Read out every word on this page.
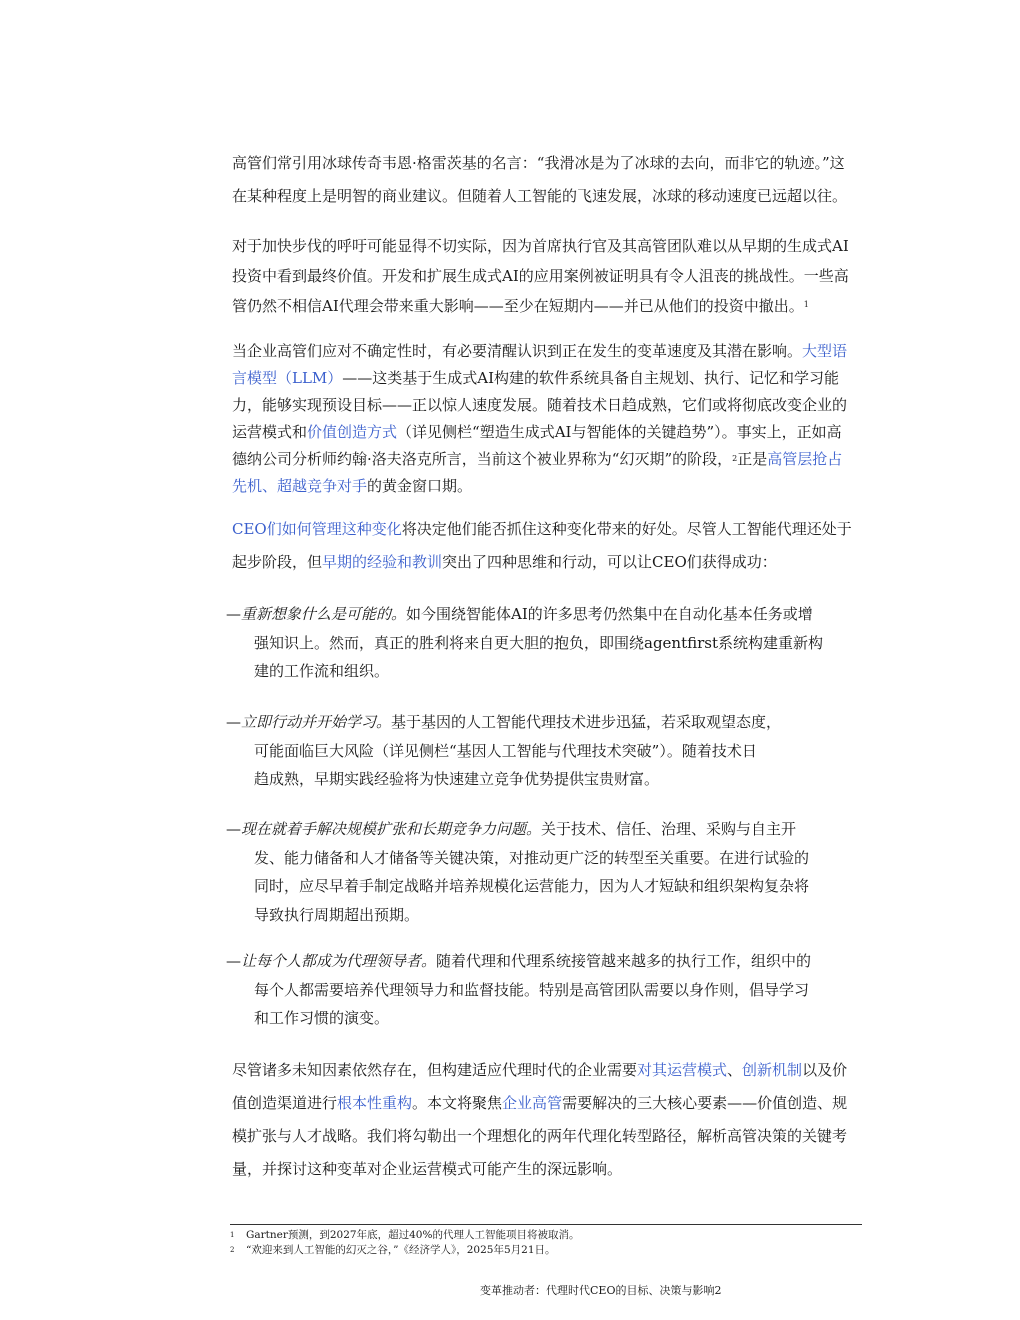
高管们常引用冰球传奇韦恩·格雷茨基的名言：“我滑冰是为了冰球的去向，而非它的轨迹。”这在某种程度上是明智的商业建议。但随着人工智能的飞速发展，冰球的移动速度已远超以往。

对于加快步伐的呼吁可能显得不切实际，因为首席执行官及其高管团队难以从早期的生成式AI投资中看到最终价值。开发和扩展生成式AI的应用案例被证明具有令人沮丧的挑战性。一些高管仍然不相信AI代理会带来重大影响——至少在短期内——并已从他们的投资中撤出。$^1$

当企业高管们应对不确定性时，有必要清醒认识到正在发生的变革速度及其潜在影响。大型语言模型（LLM）——这类基于生成式AI构建的软件系统具备自主规划、执行、记忆和学习能力，能够实现预设目标——正以惊人速度发展。随着技术日趋成熟，它们或将彻底改变企业的运营模式和价值创造方式（详见侧栏“塑造生成式AI与智能体的关键趋势”）。事实上，正如高德纳公司分析师约翰·洛夫洛克所言，当前这个被业界称为“幻灭期”的阶段，$^2$正是高管层抢占先机、超越竞争对手的黄金窗口期。

CEO们如何管理这种变化将决定他们能否抓住这种变化带来的好处。尽管人工智能代理还处于起步阶段，但早期的经验和教训突出了四种思维和行动，可以让CEO们获得成功：

—重新想象什么是可能的。如今围绕智能体AI的许多思考仍然集中在自动化基本任务或增
强知识上。然而，真正的胜利将来自更大胆的抱负，即围绕agentfirst系统构建重新构
建的工作流和组织。
—立即行动并开始学习。基于基因的人工智能代理技术进步迅猛，若采取观望态度，
可能面临巨大风险（详见侧栏“基因人工智能与代理技术突破”）。随着技术日
趋成熟，早期实践经验将为快速建立竞争优势提供宝贵财富。
—现在就着手解决规模扩张和长期竞争力问题。关于技术、信任、治理、采购与自主开
发、能力储备和人才储备等关键决策，对推动更广泛的转型至关重要。在进行试验的
同时，应尽早着手制定战略并培养规模化运营能力，因为人才短缺和组织架构复杂将
导致执行周期超出预期。
—让每个人都成为代理领导者。随着代理和代理系统接管越来越多的执行工作，组织中的
每个人都需要培养代理领导力和监督技能。特别是高管团队需要以身作则，倡导学习
和工作习惯的演变。

尽管诸多未知因素依然存在，但构建适应代理时代的企业需要对其运营模式、创新机制以及价值创造渠道进行根本性重构。本文将聚焦企业高管需要解决的三大核心要素——价值创造、规模扩张与人才战略。我们将勾勒出一个理想化的两年代理化转型路径，解析高管决策的关键考量，并探讨这种变革对企业运营模式可能产生的深远影响。

1 Gartner预测，到2027年底，超过40%的代理人工智能项目将被取消。
2 “欢迎来到人工智能的幻灭之谷，”《经济学人》，2025年5月21日。
变革推动者：代理时代CEO的目标、决策与影响2
